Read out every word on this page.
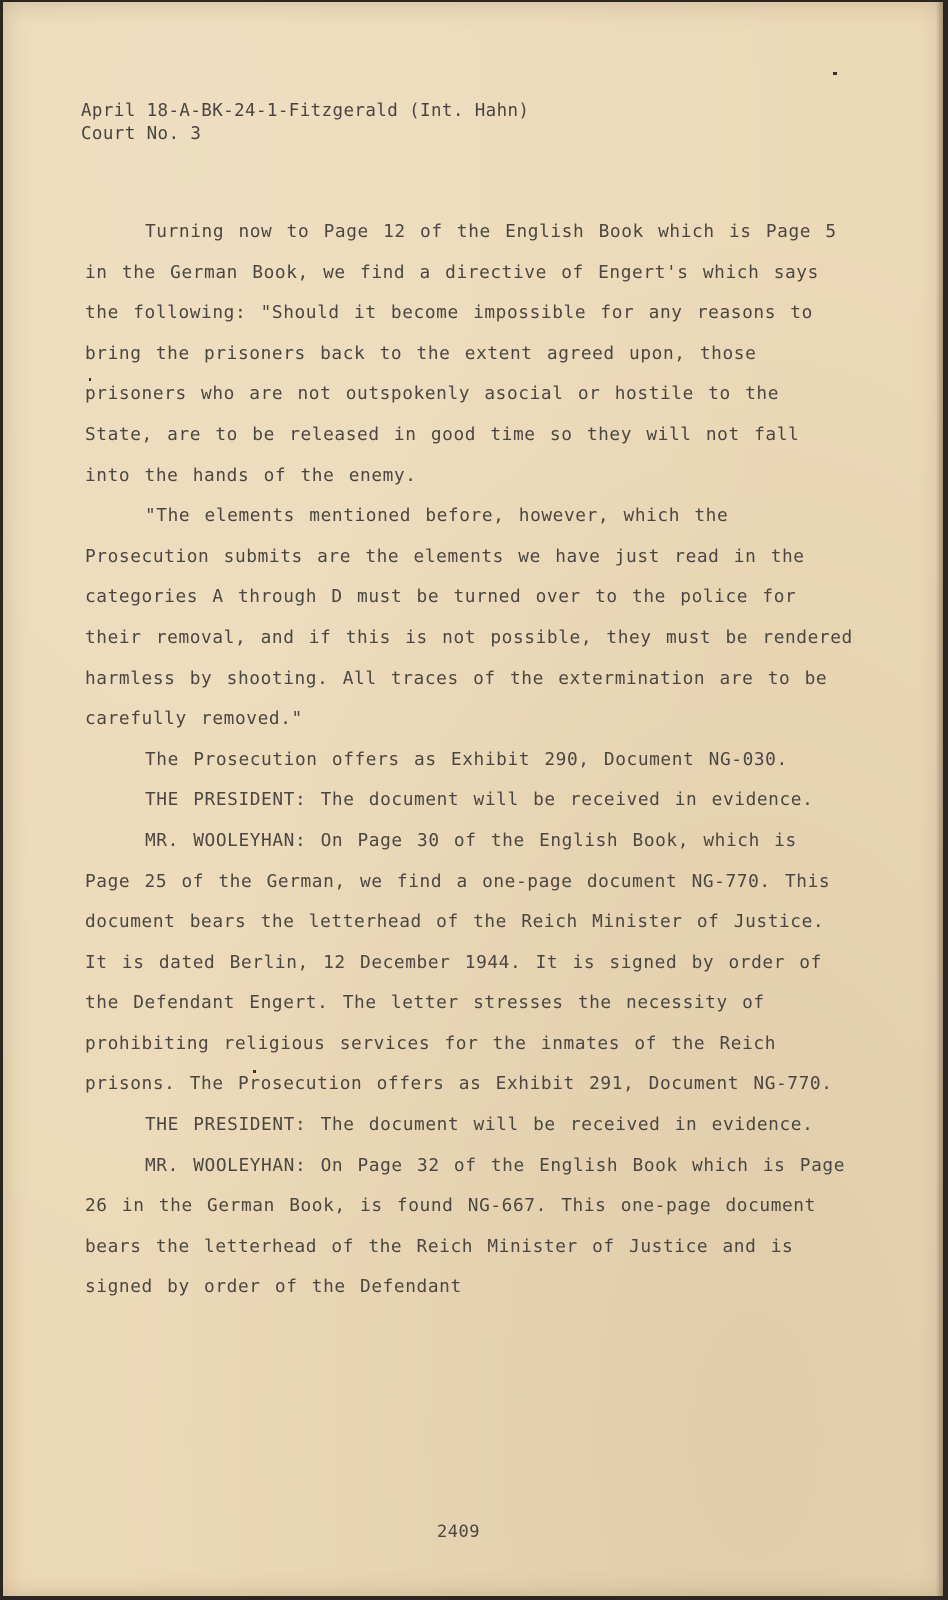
April 18-A-BK-24-1-Fitzgerald (Int. Hahn)
Court No. 3

Turning now to Page 12 of the English Book which is Page 5 in the German Book, we find a directive of Engert's which says the following: "Should it become impossible for any reasons to bring the prisoners back to the extent agreed upon, those prisoners who are not outspokenly asocial or hostile to the State, are to be released in good time so they will not fall into the hands of the enemy.

"The elements mentioned before, however, which the Prosecution submits are the elements we have just read in the categories A through D must be turned over to the police for their removal, and if this is not possible, they must be rendered harmless by shooting. All traces of the extermination are to be carefully removed."

The Prosecution offers as Exhibit 290, Document NG-030.

THE PRESIDENT: The document will be received in evidence.

MR. WOOLEYHAN: On Page 30 of the English Book, which is Page 25 of the German, we find a one-page document NG-770. This document bears the letterhead of the Reich Minister of Justice. It is dated Berlin, 12 December 1944. It is signed by order of the Defendant Engert. The letter stresses the necessity of prohibiting religious services for the inmates of the Reich prisons. The Prosecution offers as Exhibit 291, Document NG-770.

THE PRESIDENT: The document will be received in evidence.

MR. WOOLEYHAN: On Page 32 of the English Book which is Page 26 in the German Book, is found NG-667. This one-page document bears the letterhead of the Reich Minister of Justice and is signed by order of the Defendant

2409
